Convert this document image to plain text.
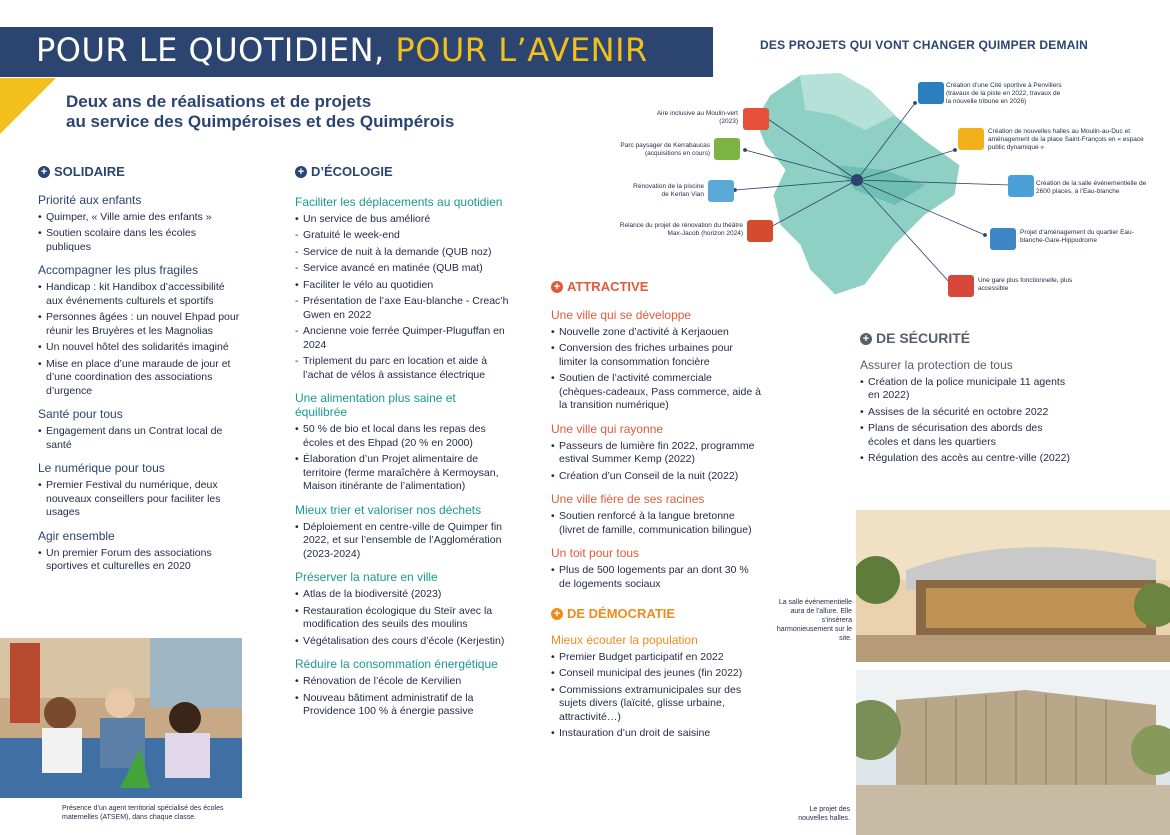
POUR LE QUOTIDIEN, POUR L’AVENIR
Deux ans de réalisations et de projets
au service des Quimpéroises et des Quimpérois
DES PROJETS QUI VONT CHANGER QUIMPER DEMAIN
+ SOLIDAIRE
Priorité aux enfants
• Quimper, « Ville amie des enfants »
• Soutien scolaire dans les écoles publiques
Accompagner les plus fragiles
• Handicap : kit Handibox d’accessibilité aux événements culturels et sportifs
• Personnes âgées : un nouvel Ehpad pour réunir les Bruyères et les Magnolias
• Un nouvel hôtel des solidarités imaginé
• Mise en place d’une maraude de jour et d’une coordination des associations d’urgence
Santé pour tous
• Engagement dans un Contrat local de santé
Le numérique pour tous
• Premier Festival du numérique, deux nouveaux conseillers pour faciliter les usages
Agir ensemble
• Un premier Forum des associations sportives et culturelles en 2020
Présence d’un agent territorial spécialisé des écoles maternelles (ATSEM), dans chaque classe.
+ D’ÉCOLOGIE
Faciliter les déplacements au quotidien
• Un service de bus amélioré
- Gratuité le week-end
- Service de nuit à la demande (QUB noz)
- Service avancé en matinée (QUB mat)
• Faciliter le vélo au quotidien
- Présentation de l’axe Eau-blanche - Creac’h Gwen en 2022
- Ancienne voie ferrée Quimper-Pluguffan en 2024
- Triplement du parc en location et aide à l’achat de vélos à assistance électrique
Une alimentation plus saine et équilibrée
• 50 % de bio et local dans les repas des écoles et des Ehpad (20 % en 2000)
• Élaboration d’un Projet alimentaire de territoire (ferme maraîchère à Kermoysan, Maison itinérante de l’alimentation)
Mieux trier et valoriser nos déchets
• Déploiement en centre-ville de Quimper fin 2022, et sur l’ensemble de l’Agglomération (2023-2024)
Préserver la nature en ville
• Atlas de la biodiversité (2023)
• Restauration écologique du Steïr avec la modification des seuils des moulins
• Végétalisation des cours d’école (Kerjestin)
Réduire la consommation énergétique
• Rénovation de l’école de Kervilien
• Nouveau bâtiment administratif de la Providence 100 % à énergie passive
Aire inclusive au Moulin-vert (2023)
Parc paysager de Kerrabaucas (acquisitions en cours)
Rénovation de la piscine de Kerlan Vian
Relance du projet de rénovation du théâtre Max-Jacob (horizon 2024)
Création d’une Cité sportive à Penvillers (travaux de la piste en 2022, travaux de la nouvelle tribune en 2026)
Création de nouvelles halles au Moulin-au-Duc et aménagement de la place Saint-François en « espace public dynamique »
Création de la salle événementielle de 2600 places, à l’Eau-blanche
Projet d’aménagement du quartier Eau-blanche-Gare-Hippodrome
Une gare plus fonctionnelle, plus accessible
+ ATTRACTIVE
Une ville qui se développe
• Nouvelle zone d’activité à Kerjaouen
• Conversion des friches urbaines pour limiter la consommation foncière
• Soutien de l’activité commerciale (chèques-cadeaux, Pass commerce, aide à la transition numérique)
Une ville qui rayonne
• Passeurs de lumière fin 2022, programme estival Summer Kemp (2022)
• Création d’un Conseil de la nuit (2022)
Une ville fière de ses racines
• Soutien renforcé à la langue bretonne (livret de famille, communication bilingue)
Un toit pour tous
• Plus de 500 logements par an dont 30 % de logements sociaux
+ DE DÉMOCRATIE
Mieux écouter la population
• Premier Budget participatif en 2022
• Conseil municipal des jeunes (fin 2022)
• Commissions extramunicipales sur des sujets divers (laïcité, glisse urbaine, attractivité…)
• Instauration d’un droit de saisine
+ DE SÉCURITÉ
Assurer la protection de tous
• Création de la police municipale 11 agents en 2022)
• Assises de la sécurité en octobre 2022
• Plans de sécurisation des abords des écoles et dans les quartiers
• Régulation des accès au centre-ville (2022)
La salle événementielle aura de l’allure. Elle s’insèrera harmonieusement sur le site.
Le projet des nouvelles halles.
